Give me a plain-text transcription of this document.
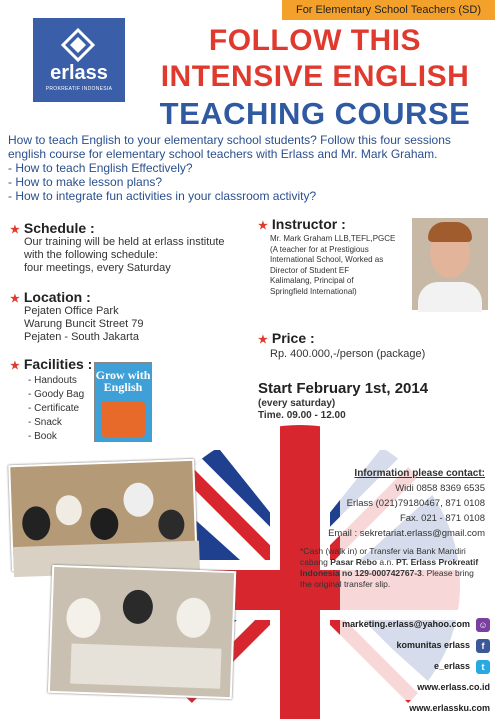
For Elementary School Teachers (SD)
erlass
PROKREATIF INDONESIA
FOLLOW THIS
INTENSIVE ENGLISH
TEACHING COURSE
How to teach English to your elementary school students? Follow this four sessions english course for elementary school teachers with Erlass and Mr. Mark Graham.
- How to teach English Effectively?
- How to make lesson plans?
- How to integrate fun activities in your classroom activity?
★ Schedule :
Our training will be held at erlass institute
with the following schedule:
four meetings, every Saturday
★ Location :
Pejaten Office Park
Warung Buncit Street 79
Pejaten - South Jakarta
★ Facilities :
- Handouts
- Goody Bag
- Certificate
- Snack
- Book
Grow with English
★ Instructor :
Mr. Mark Graham LLB,TEFL,PGCE
(A teacher for at Prestigious
International School, Worked as
Director of Student EF
Kalimalang, Principal of
Springfield International)
★ Price :
Rp. 400.000,-/person (package)
Start February 1st, 2014
(every saturday)
Time. 09.00 - 12.00
Information please contact:
Widi 0858 8369 6535
Erlass (021)79180467, 871 0108
Fax. 021 - 871 0108
Email : sekretariat.erlass@gmail.com
*Cash (walk in) or Transfer via Bank Mandiri cabang Pasar Rebo a.n. PT. Erlass Prokreatif Indonesia no 129-000742767-3. Please bring the original transfer slip.
marketing.erlass@yahoo.com ☺
komunitas erlass	f
e_erlass	t
www.erlass.co.id
www.erlassku.com
